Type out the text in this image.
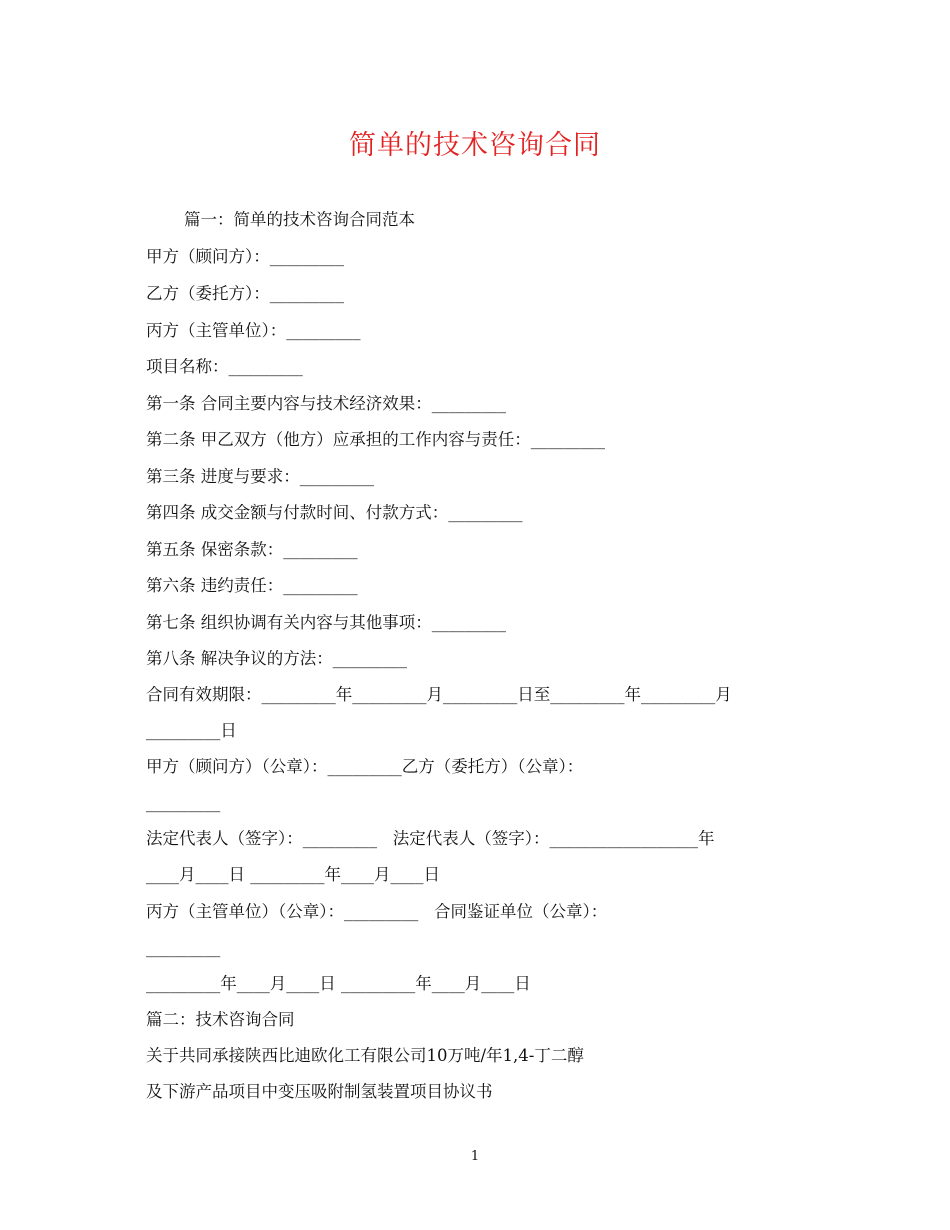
简单的技术咨询合同
篇一：简单的技术咨询合同范本
甲方（顾问方）：_________
乙方（委托方）：_________
丙方（主管单位）：_________
项目名称：_________
第一条 合同主要内容与技术经济效果：_________
第二条 甲乙双方（他方）应承担的工作内容与责任：_________
第三条 进度与要求：_________
第四条 成交金额与付款时间、付款方式：_________
第五条 保密条款：_________
第六条 违约责任：_________
第七条 组织协调有关内容与其他事项：_________
第八条 解决争议的方法：_________
合同有效期限：_________年_________月_________日至_________年_________月
_________日
甲方（顾问方）（公章）：_________乙方（委托方）（公章）：
_________
法定代表人（签字）：_________   法定代表人（签字）：__________________年
____月____日 _________年____月____日
丙方（主管单位）（公章）：_________   合同鉴证单位（公章）：
_________
_________年____月____日 _________年____月____日
篇二：技术咨询合同
关于共同承接陕西比迪欧化工有限公司10万吨/年1,4-丁二醇
及下游产品项目中变压吸附制氢装置项目协议书
1
